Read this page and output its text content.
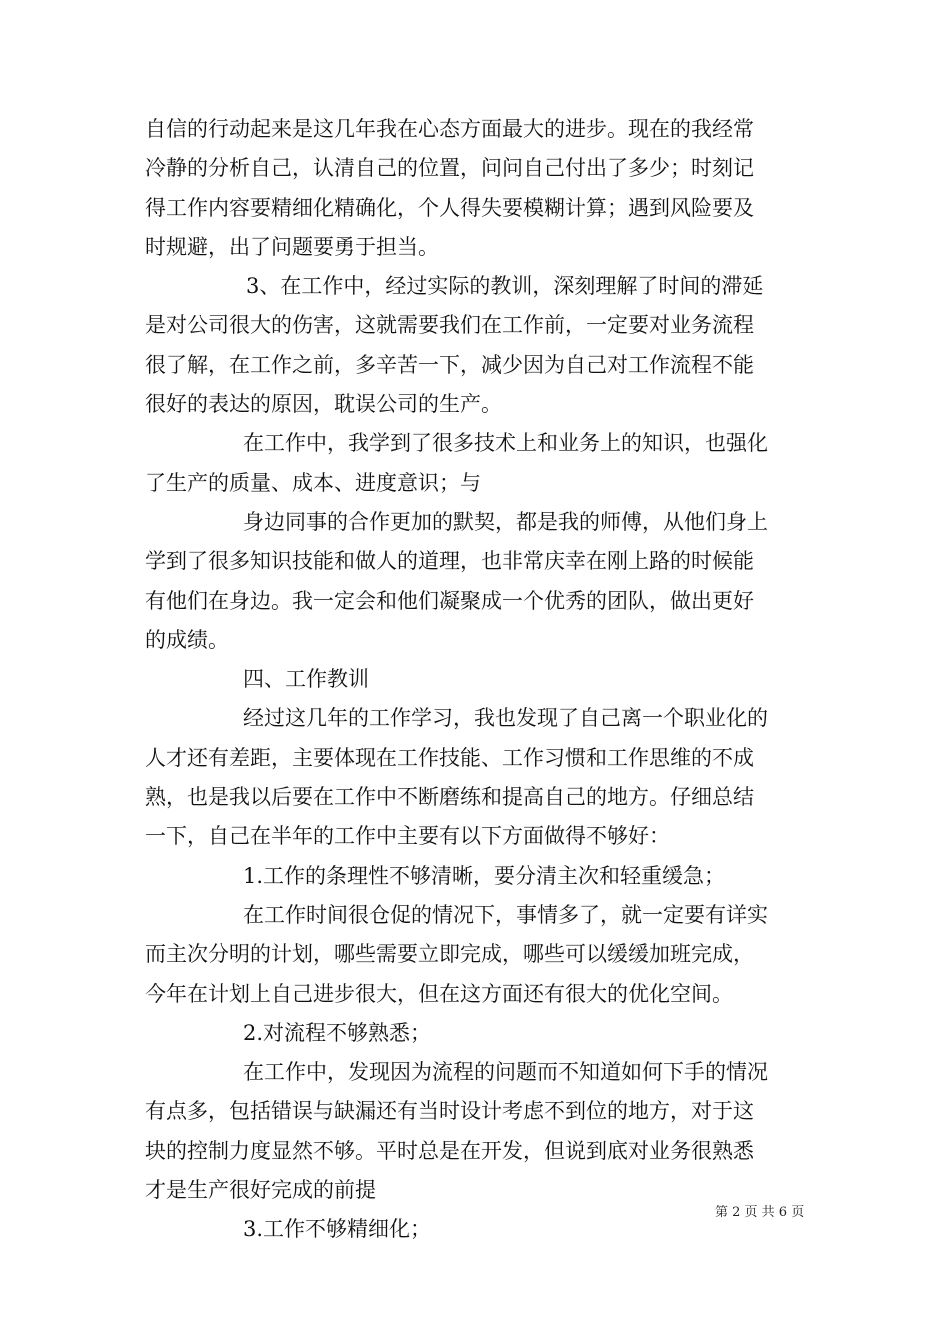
自信的行动起来是这几年我在心态方面最大的进步。现在的我经常
冷静的分析自己，认清自己的位置，问问自己付出了多少；时刻记
得工作内容要精细化精确化，个人得失要模糊计算；遇到风险要及
时规避，出了问题要勇于担当。
3、在工作中，经过实际的教训，深刻理解了时间的滞延
是对公司很大的伤害，这就需要我们在工作前，一定要对业务流程
很了解，在工作之前，多辛苦一下，减少因为自己对工作流程不能
很好的表达的原因，耽误公司的生产。
在工作中，我学到了很多技术上和业务上的知识，也强化
了生产的质量、成本、进度意识；与
身边同事的合作更加的默契，都是我的师傅，从他们身上
学到了很多知识技能和做人的道理，也非常庆幸在刚上路的时候能
有他们在身边。我一定会和他们凝聚成一个优秀的团队，做出更好
的成绩。
四、工作教训
经过这几年的工作学习，我也发现了自己离一个职业化的
人才还有差距，主要体现在工作技能、工作习惯和工作思维的不成
熟，也是我以后要在工作中不断磨练和提高自己的地方。仔细总结
一下，自己在半年的工作中主要有以下方面做得不够好：
1.工作的条理性不够清晰，要分清主次和轻重缓急；
在工作时间很仓促的情况下，事情多了，就一定要有详实
而主次分明的计划，哪些需要立即完成，哪些可以缓缓加班完成，
今年在计划上自己进步很大，但在这方面还有很大的优化空间。
2.对流程不够熟悉；
在工作中，发现因为流程的问题而不知道如何下手的情况
有点多，包括错误与缺漏还有当时设计考虑不到位的地方，对于这
块的控制力度显然不够。平时总是在开发，但说到底对业务很熟悉
才是生产很好完成的前提
3.工作不够精细化；
第 2 页 共 6 页
